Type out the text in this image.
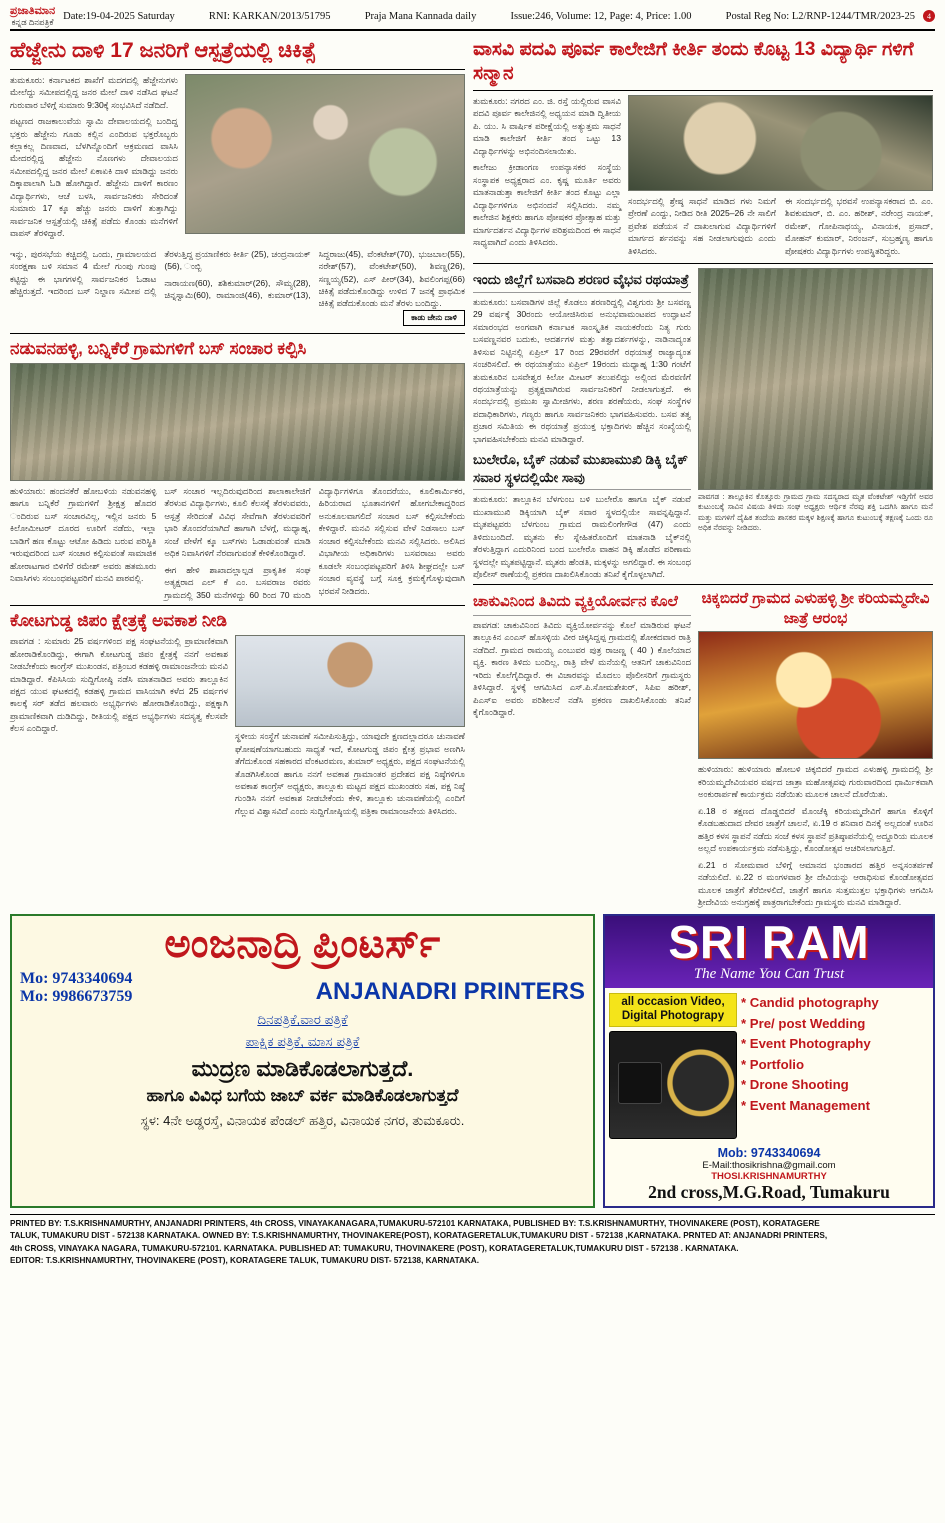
ಪ್ರಜಾತಿಮಾನ
ಕನ್ನಡ ದಿನಪತ್ರಿಕೆ Date:19-04-2025 Saturday	RNI: KARKAN/2013/51795	Praja Mana Kannada daily	Issue:246, Volume: 12, Page: 4, Price: 1.00	Postal Reg No: L2/RNP-1244/TMR/2023-25	4
ಹೆಜ್ಜೇನು ದಾಳಿ 17 ಜನರಿಗೆ ಆಸ್ಪತ್ರೆಯಲ್ಲಿ ಚಿಕಿತ್ಸೆ

ತುಮಕೂರು: ಕರ್ನಾಟಕದ ಶಾಖೆಗೆ ಮದಗದಲ್ಲಿ ಹೆಜ್ಜೇನುಗಳು ಮೇಲೆದ್ದು ಸಮೀಪದಲ್ಲಿದ್ದ ಜನರ ಮೇಲೆ ದಾಳಿ ನಡೆಸಿದ ಘಟನೆ ಗುರುವಾರ ಬೆಳಿಗ್ಗೆ ಸುಮಾರು 9:30ಕ್ಕೆ ಸಂಭವಿಸಿದೆ ನಡೆದಿದೆ.

ಪಟ್ಟಣದ ರಾಜಕಾಲುವೆಯ ಸ್ವಾಮಿ ದೇವಾಲಯದಲ್ಲಿ ಬಂದಿದ್ದ ಭಕ್ತರು ಹೆಜ್ಜೇನು ಗೂಡು ಕಲ್ಲಿನ ಎಂದಿರುವ ಭಕ್ತರೊಬ್ಬರು ಕಲ್ಲಾಕಲ್ಲ ದಿಣವಾದ, ಬೆಳಗಿನ್ನೊಂದಿಗೆ ಆಕ್ರಮಣದ ವಾಸಿಸಿ ಮೇದರಲ್ಲಿದ್ದ ಹೆಜ್ಜೇನು ನೊಣಗಳು ದೇವಾಲಯದ ಸಮೀಪದಲ್ಲಿದ್ದ ಜನರ ಮೇಲೆ ಏಕಾಏಕಿ ದಾಳಿ ಮಾಡಿದ್ದು ಜನರು ದಿಕ್ಕಾಪಾಲಾಗಿ ಓಡಿ ಹೋಗಿದ್ದಾರೆ. ಹೆಜ್ಜೇನು ದಾಳಿಗೆ ಕಾರಣಂ ವಿದ್ಯಾರ್ಥಿಗಳು, ಆಚೆ ಬಳಸಿ, ಸಾರ್ವಜನಿಕರು ಸೇರಿದಂತೆ ಸುಮಾರು 17 ಕ್ಕೂ ಹೆಚ್ಚು ಜನರು ದಾಳಿಗೆ ತುತ್ತಾಗಿದ್ದು ಸಾರ್ವಜನಿಕ ಆಸ್ಪತ್ರೆಯಲ್ಲಿ ಚಿಕಿತ್ಸೆ ಪಡೆದು ಕೊಂಡು ಮನೆಗಳಿಗೆ ವಾಪಸ್ ತೆರಳಿದ್ದಾರೆ.

ಇನ್ನು, ಪುರಸಭೆಯ ಕಚ್ಚಿದಲ್ಲಿ ಒಂದು, ಗ್ರಾಮಾಲಯದ ಸಂರಕ್ಷಣಾ ಬಳಿ ಸಮಾನ 4 ಮೇಲೆ ಗುಂಪು ಗುಂಪು ಕಟ್ಟಿದ್ದು ಈ ಭಾಗಗಳಲ್ಲಿ ಸಾರ್ವಜನಿಕರ ಓಡಾಟ ಹೆಚ್ಚಿರುತ್ತದೆ. ಇದರಿಂದ ಬಸ್ ನಿಲ್ದಾಣ ಸಮೀಪ ದಲ್ಲಿ ತೆರಳುತ್ತಿದ್ದ ಪ್ರಯಾಣಿಕರು ಕೀರ್ತಿ (25), ಚಂದ್ರನಾಯಕ್ (56), ಂಬ್ಬಿ

ನಾರಾಯಣ(60), ಶಶಿಕುಮಾರ್(26), ಸೌಮ್ಯ(28), ಚಿನ್ನಸ್ವಾಮಿ(60), ರಾಮಾಂಜಿ(46), ಕುಮಾರ್(13), ಸಿದ್ದರಾಜು(45), ವೆಂಕಟೇಶ್(70), ಭುಜಬಾಲ(55), ನರೇಶ್(57), ವೆಂಕಟೇಶ್(50), ಶಿವಣ್ಣ(26), ಸಣ್ಣಯ್ಯ(52), ಎಸ್ ಪೀರ್(34), ಶಿವಲಿಂಗಪ್ಪ(66) ಚಿಕಿತ್ಸೆ ಪಡೆದುಕೊಂಡಿದ್ದು ಉಳಿದ 7 ಜನಕ್ಕೆ ಪ್ರಾಥಮಿಕ ಚಿಕಿತ್ಸೆ ಪಡೆದುಕೊಂಡು ಮನೆ ತೆರಳು ಬಂದಿದ್ದು.

ಕಾಡು ಜೇನು ದಾಳಿ
ನಡುವನಹಳ್ಳಿ, ಬನ್ನಿಕೆರೆ ಗ್ರಾಮಗಳಿಗೆ ಬಸ್ ಸಂಚಾರ ಕಲ್ಪಿಸಿ

ಹುಳಿಯಾರು: ಹಂದನಕೆರೆ ಹೋಬಳಿಯ ನಡುವನಹಳ್ಳಿ ಹಾಗೂ ಬನ್ನಿಕೆರೆ ಗ್ರಾಮಗಳಿಗೆ ಶ್ರೀಕ್ಷತ್ರ ಹೊದರ ಂದಿರುವ ಬಸ್ ಸಂಚಾರವಿಲ್ಲ, ಇಲ್ಲಿನ ಜನರು 5 ಕಿಲೋಮೀಟರ್ ದೂರದ ಊರಿಗೆ ನಡೆದು, ಇಲ್ಲಾ ಬಾಡಿಗೆ ಹಣ ಕೊಟ್ಟು ಆಟೋ ಹಿಡಿದು ಬರುವ ಪರಿಸ್ಥಿತಿ ಇರುವುದರಿಂದ ಬಸ್ ಸಂಚಾರ ಕಲ್ಪಿಸುವಂತೆ ಸಾಮಾಜಿಕ ಹೋರಾಟಗಾರ ಬಿಳಿಗೆರೆ ರಮೇಶ್ ಅವರು ಹತಮೂರು ನಿವಾಸಿಗಳು ಸಂಬಂಧಪಟ್ಟವರಿಗೆ ಮನವಿ ಪಾಠವಲ್ಲಿ.

ಬಸ್ ಸಂಚಾರ ಇಲ್ಲದಿರುವುದರಿಂದ ಶಾಲಾಕಾಲೇಜಿಗೆ ತೆರಳುವ ವಿದ್ಯಾರ್ಥಿಗಳು, ಕೂಲಿ ಕೆಲಸಕ್ಕೆ ತೆರಳುವವರು, ಆಸ್ಪತ್ರೆ ಸೇರಿದಂತೆ ವಿವಿಧ ಸೇವೆಗಾಗಿ ತೆರಳುವವರಿಗೆ ಭಾರಿ ತೊಂದರೆಯಾಗಿದೆ ಹಾಗಾಗಿ ಬೆಳಗ್ಗೆ, ಮಧ್ಯಾಹ್ನ, ಸಂಜೆ ವೇಳೆಗೆ ಕ್ಕೂ ಬಸ್‌ಗಳು ಓಡಾಡುವಂತೆ ಮಾಡಿ ಅಧಿಕ ನಿವಾಸಿಗಳಿಗೆ ನೆರವಾಗುವಂತೆ ಕೇಳಿಕೊಂಡಿದ್ದಾರೆ.

ಈಗ ಹೇಳಿ ಶಾಖಾದಲ್ಲಾಲ್ಪಡ ಪ್ರಾಕೃತಿಕ ಸಂಘ ಅತ್ಯಕ್ಷರಾದ ಎಲ್ ಕೆ ಎಂ. ಬಸವರಾಜ ರವರು ಗ್ರಾಮದಲ್ಲಿ 350 ಮನೆಗಳಿದ್ದು 60 ರಿಂದ 70 ಮಂದಿ ವಿದ್ಯಾರ್ಥಿಗಳಿಗೂ ತೊಂದರೆಯು, ಕೂಲಿಕಾರ್ಮಿಕರ, ಹಿರಿಯರಾದ ಭೂತಾನಗಳಿಗೆ ಹೋಗಬೇಕಾದ್ದರಿಂದ ಅನುಕೂಲವಾಗಲಿದೆ ಸಂಚಾರ ಬಸ್ ಕಲ್ಪಿಸಬೇಕೆಂದು ಕೇಳಿದ್ದಾರೆ. ಮನವಿ ಸಲ್ಲಿಸುವ ವೇಳೆ ನಿಡಸಾಲು ಬಸ್ ಸಂಚಾರ ಕಲ್ಪಿಸಬೇಕೆಂದು ಮನವಿ ಸಲ್ಲಿಸಿದರು. ಅಲಿಸಿದ ವಿಭಾಗೀಯ ಅಧಿಕಾರಿಗಳು ಬಸವರಾಜು ಅವರು ಕೂಡಲೇ ಸಂಬಂಧಪಟ್ಟವರಿಗೆ ತಿಳಿಸಿ ಶೀಘ್ರದಲ್ಲೇ ಬಸ್ ಸಂಚಾರ ವ್ಯವಸ್ಥೆ ಬಗ್ಗೆ ಸೂಕ್ತ ಕ್ರಮಕೈಗೊಳ್ಳುವುದಾಗಿ ಭರವಸೆ ನೀಡಿದರು.

ಕೋಟಗುಡ್ಡ ಜಿಪಂ ಕ್ಷೇತ್ರಕ್ಕೆ ಅವಕಾಶ ನೀಡಿ

ಪಾವಗಡ : ಸುಮಾರು 25 ವರ್ಷಗಳಿಂದ ಪಕ್ಷ ಸಂಘಟನೆಯಲ್ಲಿ ಪ್ರಾಮಾಣಿಕವಾಗಿ ಹೋರಾಡಿಕೊಂಡಿದ್ದು, ಈಗಾಗಿ ಕೋಟಗುಡ್ಡ ಜಿಪಂ ಕ್ಷೇತ್ರಕ್ಕೆ ನನಗೆ ಅವಕಾಶ ನೀಡಬೇಕೆಂದು ಕಾಂಗ್ರೆಸ್ ಮುಖಂಡನ, ಪತ್ರಿಂಬರ ಕಡಹಳ್ಳಿ ರಾಮಾಂಜನೇಯ ಮನವಿ ಮಾಡಿದ್ದಾರೆ. ಕೆಪಿಸಿಸಿಯ ಸುದ್ದಿಗೋಷ್ಠಿ ನಡೆಸಿ ಮಾತನಾಡಿದ ಅವರು ತಾಲ್ಲೂಕಿನ ಪಕ್ಷದ ಯುವ ಘಟಕದಲ್ಲಿ ಕಡಹಳ್ಳಿ ಗ್ರಾಮದ ವಾಸಿಯಾಗಿ ಕಳೆದ 25 ವರ್ಷಗಳ ಕಾಲಕ್ಕೆ ಸರ್ ತಡೆದ ಹಲವಾರು ಅಭ್ಯರ್ಥಿಗಳು ಹೋರಾಡಿಕೊಂಡಿದ್ದು, ಪಕ್ಷಕ್ಕಾಗಿ ಪ್ರಾಮಾಣಿಕವಾಗಿ ದುಡಿದಿದ್ದು, ರೀತಿಯಲ್ಲಿ ಪಕ್ಷದ ಅಭ್ಯರ್ಥಿಗಳು ಸದಸ್ಯತ್ವ ಕೆಲಸವೇ ಕೆಲಸ ಎಂದಿದ್ದಾರೆ.

ಸ್ಥಳೀಯ ಸಂಸ್ಥೆಗೆ ಚುನಾವಣೆ ಸಮೀಪಿಸುತ್ತಿದ್ದು, ಯಾವುದೇ ಕ್ಷಣದಲ್ಲಾದರೂ ಚುನಾವಣೆ ಘೋಷಣೆಯಾಗಬಹುದು ಸಾಧ್ಯತೆ ಇದೆ, ಕೋಟಗುಡ್ಡ ಜಿಪಂ ಕ್ಷೇತ್ರ ಪ್ರಭಾವ ಅಣಗಿಸಿ ತೆಗೆದುಕೊಂಡ ಸಹಕಾರದ ವೆಂಕಟರಮಣ, ತುಮಾರ್ ಅಧ್ಯಕ್ಷರು, ಪಕ್ಷದ ಸಂಘಟನೆಯಲ್ಲಿ ತೊಡಗಿಸಿಕೊಂಡ ಹಾಗೂ ನನಗೆ ಅವಕಾಶ ಗ್ರಾಮಾಂತರ ಪ್ರದೇಶದ ಪಕ್ಷ ನಿಷ್ಠೆಗಳಿಗೂ ಅವಕಾಶ ಕಾಂಗ್ರೆಸ್ ಅಧ್ಯಕ್ಷರು, ತಾಲ್ಲೂಕು ಮಟ್ಟದ ಪಕ್ಷದ ಮುಖಂಡರು ಸಹ, ಪಕ್ಷ ನಿಷ್ಠೆ ಗುಂಡಿಸಿ ನನಗೆ ಅವಕಾಶ ನೀಡಬೇಕೆಂದು ಕೇಳಿ, ತಾಲ್ಲೂಕು ಚುನಾವಣೆಯಲ್ಲಿ ಎಂದಿಗೆ ಗೆಲ್ಲುವ ವಿಶ್ವಾಸವಿದೆ ಎಂದು ಸುದ್ದಿಗೋಷ್ಠಿಯಲ್ಲಿ ಪತ್ರಿಕಾ ರಾಮಾಂಜನೇಯ ತಿಳಿಸಿದರು.

ವಾಸವಿ ಪದವಿ ಪೂರ್ವ ಕಾಲೇಜಿಗೆ ಕೀರ್ತಿ ತಂದು ಕೊಟ್ಟ 13 ವಿದ್ಯಾರ್ಥಿ ಗಳಿಗೆ ಸನ್ಮಾನ

ತುಮಕೂರು: ನಗರದ ಎಂ. ಜಿ. ರಸ್ತೆ ಯಲ್ಲಿರುವ ವಾಸವಿ ಪದವಿ ಪೂರ್ವ ಕಾಲೇಜಿನಲ್ಲಿ ಅಧ್ಯಯನ ಮಾಡಿ ದ್ವಿತೀಯ ಪಿ. ಯು. ಸಿ ವಾರ್ಷಿಕ ಪರೀಕ್ಷೆಯಲ್ಲಿ ಅತ್ಯುತ್ತಮ ಸಾಧನೆ ಮಾಡಿ ಕಾಲೇಜಿಗೆ ಕೀರ್ತಿ ತಂದ ಒಟ್ಟು 13 ವಿದ್ಯಾರ್ಥಿಗಳನ್ನು ಅಭಿನಂದಿಸಲಾಯಿತು.

ಕಾಲೇಜು ಕ್ರೀಡಾಂಗಣ ಉಪನ್ಯಾಸಕರ ಸಂಸ್ಥೆಯ ಸಂಸ್ಥಾಪಕ ಅಧ್ಯಕ್ಷರಾದ ಎಂ. ಕೃಷ್ಣ ಮೂರ್ತಿ ಅವರು ಮಾತನಾಡುತ್ತಾ ಕಾಲೇಜಿಗೆ ಕೀರ್ತಿ ತಂದ ಕೊಟ್ಟು ಎಲ್ಲಾ ವಿದ್ಯಾರ್ಥಿಗಳಿಗೂ ಅಭಿನಂದನೆ ಸಲ್ಲಿಸಿದರು. ನಮ್ಮ ಕಾಲೇಜಿನ ಶಿಕ್ಷಕರು ಹಾಗೂ ಪೋಷಕರ ಪ್ರೋತ್ಸಾಹ ಮತ್ತು ಮಾರ್ಗದರ್ಶನ ವಿದ್ಯಾರ್ಥಿಗಳ ಪರಿಶ್ರಮದಿಂದ ಈ ಸಾಧನೆ ಸಾಧ್ಯವಾಗಿದೆ ಎಂದು ತಿಳಿಸಿದರು.

ಸಂದರ್ಭದಲ್ಲಿ ಶ್ರೇಷ್ಠ ಸಾಧನೆ ಮಾಡಿದ ಗಳು ನಿಮಗೆ ಪ್ರೇರಣೆ ಎಂದ್ದು, ನೀಡಿದ ರೀತಿ 2025–26 ನೇ ಸಾಲಿಗೆ ಪ್ರವೇಶ ಪಡೆಯಸ ನೆ ದಾಖಲಾಗುವ ವಿದ್ಯಾರ್ಥಿಗಳಿಗೆ ಮಾರ್ಗದ ರ್ಶನವನ್ನು ಸಹ ನೀಡಲಾಗುವುದು ಎಂದು ತಿಳಿಸಿದರು.

ಈ ಸಂದರ್ಭದಲ್ಲಿ ಭರವಸೆ ಉಪನ್ಯಾಸಕರಾದ ಬಿ. ಎಂ. ಶಿವಕುಮಾರ್, ಬಿ. ಎಂ. ಹರೀಶ್, ನರೇಂದ್ರ ನಾಯಕ್, ರಮೇಶ್, ಗೋಪಿನಾಥಯ್ಯ, ವಿನಾಯಕ, ಪ್ರಸಾದ್, ಮೋಹನ್ ಕುಮಾರ್, ನಿರಂಜನ್, ಸುಬ್ರಹ್ಮಣ್ಯ ಹಾಗೂ ಪೋಷಕರು ವಿದ್ಯಾರ್ಥಿಗಳು ಉಪಸ್ಥಿತರಿದ್ದರು.

ಇಂದು ಜಿಲ್ಲೆಗೆ ಬಸವಾದಿ ಶರಣರ ವೈಭವ ರಥಯಾತ್ರೆ

ತುಮಕೂರು: ಬಸವಾಡಿಗಳ ಜಿಲ್ಲೆ ಕೊಡಲು ಶರಣರಿದ್ದಲ್ಲಿ ವಿಶ್ವಗುರು ಶ್ರೀ ಬಸವಣ್ಣ 29 ವರ್ಷಕ್ಕೆ 30ರಂದು ಆಯೋಜಿಸಿರುವ ಅನುಭವಾಮಂಟಪದ ಉದ್ಘಾಟನೆ ಸಮಾರಂಭದ ಅಂಗವಾಗಿ ಕರ್ನಾಟಕ ಸಾಂಸ್ಕೃತಿಕ ನಾಯಕರೆಂದು ನಿತ್ಯ ಗುರು ಬಸವಣ್ಣನವರ ಬದುಕು, ಆದರ್ಶಗಳ ಮತ್ತು ತತ್ವಾದರ್ಶಗಳನ್ನು, ನಾಡಿನಾದ್ಯಂತ ತಿಳಿಸುವ ನಿಟ್ಟಿನಲ್ಲಿ ಏಪ್ರಿಲ್ 17 ರಿಂದ 29ರವರೆಗೆ ರಥಯಾತ್ರೆ ರಾಜ್ಯಾದ್ಯಂತ ಸಂಚರಿಸಲಿದೆ. ಈ ರಥಯಾತ್ರೆಯು ಏಪ್ರಿಲ್ 19ರಂದು ಮಧ್ಯಾಹ್ನ 1:30 ಗಂಟೆಗೆ ತುಮಕೂರಿನ ಬಸವೇಶ್ವರ ಕಿಲೋ ಮೀಟರ್ ತಲುಪಲಿದ್ದು ಅಲ್ಲಿಂದ ಮೆರವಣಿಗೆ ರಥಯಾತ್ರೆಯನ್ನು ಪ್ರತ್ಯಕ್ಷವಾಗಿರುವ ಸಾರ್ವಜನಿಕರಿಗೆ ನೀಡಲಾಗುತ್ತದೆ. ಈ ಸಂದರ್ಭದಲ್ಲಿ ಪ್ರಮುಖ ಸ್ವಾಮೀಜಿಗಳು, ಶರಣ ಶರಣೆಯರು, ಸಂಘ ಸಂಸ್ಥೆಗಳ ಪದಾಧಿಕಾರಿಗಳು, ಗಣ್ಯರು ಹಾಗೂ ಸಾರ್ವಜನಿಕರು ಭಾಗವಹಿಸುವರು. ಬಸವ ತತ್ವ ಪ್ರಚಾರ ಸಮಿತಿಯ ಈ ರಥಯಾತ್ರೆ ಪ್ರಯುಕ್ತ ಭಕ್ತಾದಿಗಳು ಹೆಚ್ಚಿನ ಸಂಖ್ಯೆಯಲ್ಲಿ ಭಾಗವಹಿಸಬೇಕೆಂದು ಮನವಿ ಮಾಡಿದ್ದಾರೆ.

ಬುಲೇರೊ, ಬೈಕ್ ನಡುವೆ ಮುಖಾಮುಖಿ ಡಿಕ್ಕಿ ಬೈಕ್ ಸವಾರ ಸ್ಥಳದಲ್ಲಿಯೇ ಸಾವು

ತುಮಕೂರು: ತಾಲ್ಲೂಕಿನ ಬೆಳಗುಂಬ ಬಳಿ ಬುಲೇರೊ ಹಾಗೂ ಬೈಕ್ ನಡುವೆ ಮುಖಾಮುಖಿ ಡಿಕ್ಕಿಯಾಗಿ ಬೈಕ್ ಸವಾರ ಸ್ಥಳದಲ್ಲಿಯೇ ಸಾವನ್ನಪ್ಪಿದ್ದಾನೆ. ಮೃತಪಟ್ಟವರು ಬೆಳಗುಂಬ ಗ್ರಾಮದ ರಾಮಲಿಂಗೇಗೌಡ (47) ಎಂದು ತಿಳಿದುಬಂದಿದೆ. ಮೃತನು ಕೆಲ ಸ್ನೇಹಿತರೊಂದಿಗೆ ಮಾತನಾಡಿ ಬೈಕ್‌ನಲ್ಲಿ ತೆರಳುತ್ತಿದ್ದಾಗ ಎದುರಿನಿಂದ ಬಂದ ಬುಲೇರೊ ವಾಹನ ಡಿಕ್ಕಿ ಹೊಡೆದ ಪರಿಣಾಮ ಸ್ಥಳದಲ್ಲೇ ಮೃತಪಟ್ಟಿದ್ದಾನೆ. ಮೃತರು ಹೆಂಡತಿ, ಮಕ್ಕಳನ್ನು ಅಗಲಿದ್ದಾರೆ. ಈ ಸಂಬಂಧ ಪೊಲೀಸ್ ಠಾಣೆಯಲ್ಲಿ ಪ್ರಕರಣ ದಾಖಲಿಸಿಕೊಂಡು ತನಿಖೆ ಕೈಗೊಳ್ಳಲಾಗಿದೆ.

ಪಾವಗಡ : ತಾಲ್ಲೂಕಿನ ಕೊತ್ತೂರು ಗ್ರಾಮದ ಗ್ರಾಮ ಸದಸ್ಯರಾದ ಮೃತ ವೆಂಕಟೇಶ್ ಇಡ್ತಿಗೆಗೆ ಅವರ ಕುಟುಂಬಕ್ಕೆ ಸಾವಿನ ವಿಷಯ ತಿಳಿದು ಸಂಘ ಅಧ್ಯಕ್ಷರು ಆರ್ಥಿಕ ನೆರವು ಶಕ್ತಿ ಒದಗಿಸಿ ಹಾಗೂ ಮನೆ ಮತ್ತು ಮಗಳಿಗೆ ದೈಹಿಕ ತಂದೆಯ ಶಾಸಕರ ಮಕ್ಕಳ ಶಿಕ್ಷಣಕ್ಕೆ ಹಾಗೂ ಕುಟುಂಬಕ್ಕೆ ತಕ್ಷಣಕ್ಕೆ ಒಂದು ರೂ ಅಧಿಕ ನೆರವನ್ನು ನೀಡಿದರು.
ಚಾಕುವಿನಿಂದ ತಿವಿದು ವ್ಯಕ್ತಿಯೋರ್ವನ ಕೊಲೆ

ಪಾವಗಡ: ಚಾಕುವಿನಿಂದ ತಿವಿದು ವ್ಯಕ್ತಿಯೋರ್ವನನ್ನು ಕೊಲೆ ಮಾಡಿರುವ ಘಟನೆ ತಾಲ್ಲೂಕಿನ ಎಂಎಸ್ ಹೊಸಳ್ಳಿಯ ವೀರ ಚಿಕ್ಕಸಿದ್ದಪ್ಪ ಗ್ರಾಮದಲ್ಲಿ ಶೋಕದವಾರ ರಾತ್ರಿ ನಡೆದಿದೆ. ಗ್ರಾಮದ ರಾಮಯ್ಯ ಎಂಬುವರ ಪುತ್ರ ರಾಜಣ್ಣ ( 40 ) ಕೊಲೆಯಾದ ವ್ಯಕ್ತಿ. ಕಾರಣ ತಿಳಿದು ಬಂದಿಲ್ಲ, ರಾತ್ರಿ ವೇಳೆ ಮನೆಯಲ್ಲಿ ಆತನಿಗೆ ಚಾಕುವಿನಿಂದ ಇರಿದು ಕೊಲೆಗೈದಿದ್ದಾರೆ. ಈ ವಿಚಾರವನ್ನು ಮೊದಲು ಪೊಲೀಸರಿಗೆ ಗ್ರಾಮಸ್ಥರು ತಿಳಿಸಿದ್ದಾರೆ. ಸ್ಥಳಕ್ಕೆ ಆಗಮಿಸಿದ ಎಸ್.ಪಿ.ಸೋಮಶೇಖರ್, ಸಿಪಿಐ ಹರೀಶ್, ಪಿಎಸ್ಐ ಅವರು ಪರಿಶೀಲನೆ ನಡೆಸಿ ಪ್ರಕರಣ ದಾಖಲಿಸಿಕೊಂಡು ತನಿಖೆ ಕೈಗೊಂಡಿದ್ದಾರೆ.

ಚಿಕ್ಕಬಿದರೆ ಗ್ರಾಮದ ಎಳುಹಳ್ಳಿ ಶ್ರೀ ಕರಿಯಮ್ಮದೇವಿ ಜಾತ್ರೆ ಆರಂಭ

ಹುಳಿಯಾರು: ಹುಳಿಯಾರು ಹೋಬಳಿ ಚಿಕ್ಕಬಿದರೆ ಗ್ರಾಮದ ಎಳುಹಳ್ಳಿ ಗ್ರಾಮದಲ್ಲಿ ಶ್ರೀ ಕರಿಯಮ್ಮದೇವಿಯವರ ವರ್ಷದ ಜಾತ್ರಾ ಮಹೋತ್ಸವವು ಗುರುವಾರದಿಂದ ಧಾರ್ಮಿಕವಾಗಿ ಅಂಕುರಾರ್ಪಣೆ ಕಾರ್ಯಕ್ರಮ ನಡೆಯಿತು ಮೂಲಕ ಚಾಲನೆ ದೊರೆಯಿತು.

ಏ.18 ರ ತಕ್ಷಣದ ದೊಡ್ಡಬಿದರೆ ಮೊಂಚೆಕ್ಕಿ ಕರಿಯಮ್ಮದೇವಿಗೆ ಹಾಗೂ ಕೊಳ್ಳಿಗೆ ಕೊಡಬಹುದಾದ ದೇವರ ಜಾತ್ರೆಗೆ ಚಾಲನೆ, ಏ.19 ರ ಶನಿವಾರ ದಿನಕ್ಕೆ ಅಲ್ಲದಂತೆ ಊರಿನ ಹತ್ತಿರ ಕಳಸ ಸ್ಥಾಪನೆ ನಡೆದು ಸಂಜೆ ಕಳಸ ಸ್ಥಾಪನೆ ಪ್ರತಿಷ್ಠಾಪನೆಯಲ್ಲಿ ಅದ್ದೂರಿಯ ಮೂಲಕ ಅಲ್ಲದೆ ಉಪಕಾರ್ಯಕ್ರಮ ನಡೆಸುತ್ತಿದ್ದು, ಕೊಂಡೋತ್ಸವ ಆಚರಿಸಲಾಗುತ್ತಿದೆ.

ಏ.21 ರ ಸೋಮವಾರ ಬೆಳಿಗ್ಗೆ ಆಮಾನದ ಭಂಡಾರದ ಹತ್ತಿರ ಅನ್ನಸಂತರ್ಪಣೆ ನಡೆಯಲಿದೆ. ಏ.22 ರ ಮಂಗಳವಾರ ಶ್ರೀ ದೇವಿಯನ್ನು ಆರಾಧಿಸುವ ಕೊಂಡೋತ್ಸವದ ಮೂಲಕ ಜಾತ್ರೆಗೆ ತೆರೆಬೀಳಲಿದೆ, ಜಾತ್ರೆಗೆ ಹಾಗೂ ಸುತ್ತಮುತ್ತಲ ಭಕ್ತಾಧಿಗಳು ಆಗಮಿಸಿ ಶ್ರೀದೇವಿಯ ಅನುಗ್ರಹಕ್ಕೆ ಪಾತ್ರರಾಗಬೇಕೆಂದು ಗ್ರಾಮಸ್ಥರು ಮನವಿ ಮಾಡಿದ್ದಾರೆ.

ಅಂಜನಾದ್ರಿ ಪ್ರಿಂಟರ್ಸ್
Mo: 9743340694
Mo: 9986673759	ANJANADRI PRINTERS
ದಿನಪತ್ರಿಕೆ,ವಾರ ಪತ್ರಿಕೆ
ಪಾಕ್ಷಿಕ ಪತ್ರಿಕೆ, ಮಾಸ ಪತ್ರಿಕೆ
ಮುದ್ರಣ ಮಾಡಿಕೊಡಲಾಗುತ್ತದೆ.
ಹಾಗೂ ವಿವಿಧ ಬಗೆಯ ಜಾಬ್ ವರ್ಕ ಮಾಡಿಕೊಡಲಾಗುತ್ತದೆ
ಸ್ಥಳ: 4ನೇ ಅಡ್ಡರಸ್ತೆ, ವಿನಾಯಕ ಪೆಂಡಲ್ ಹತ್ತಿರ, ವಿನಾಯಕ ನಗರ, ತುಮಕೂರು.
SRI RAM
The Name You Can Trust
all occasion Video, Digital Photograpy
* Candid photography
* Pre/ post Wedding
* Event Photography
* Portfolio
* Drone Shooting
* Event Management
Mob: 9743340694
E-Mail:thosikrishna@gmail.com
THOSI.KRISHNAMURTHY
2nd cross,M.G.Road, Tumakuru
PRINTED BY: T.S.KRISHNAMURTHY, ANJANADRI PRINTERS, 4th CROSS, VINAYAKANAGARA,TUMAKURU-572101 KARNATAKA, PUBLISHED BY: T.S.KRISHNAMURTHY, THOVINAKERE (POST), KORATAGERE
TALUK, TUMAKURU DIST - 572138 KARNATAKA. OWNED BY: T.S.KRISHNAMURTHY, THOVINAKERE(POST), KORATAGERETALUK,TUMAKURU DIST - 572138 ,KARNATAKA. PRNTED AT: ANJANADRI PRINTERS,
4th CROSS, VINAYAKA NAGARA, TUMAKURU-572101. KARNATAKA. PUBLISHED AT: TUMAKURU, THOVINAKERE (POST), KORATAGERETALUK,TUMAKURU DIST - 572138 . KARNATAKA.
EDITOR: T.S.KRISHNAMURTHY, THOVINAKERE (POST), KORATAGERE TALUK, TUMAKURU DIST- 572138, KARNATAKA.
